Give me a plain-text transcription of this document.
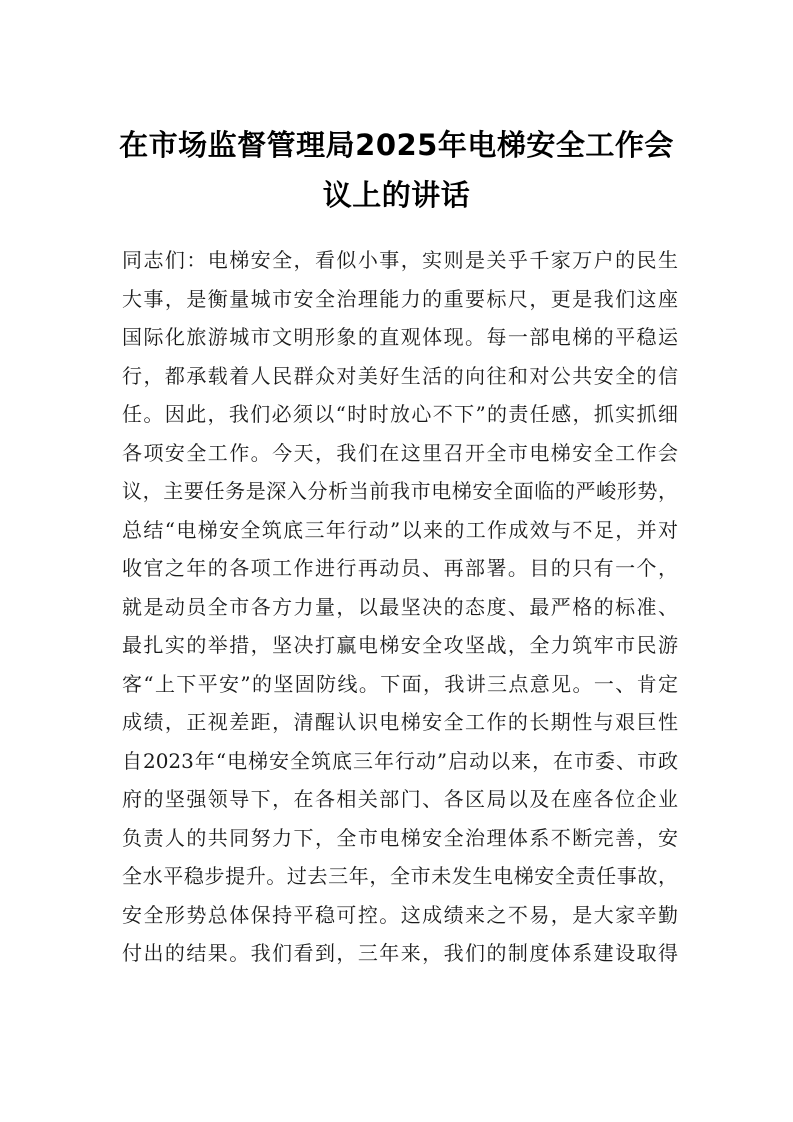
在市场监督管理局2025年电梯安全工作会
议上的讲话
同志们：电梯安全，看似小事，实则是关乎千家万户的民生
大事，是衡量城市安全治理能力的重要标尺，更是我们这座
国际化旅游城市文明形象的直观体现。每一部电梯的平稳运
行，都承载着人民群众对美好生活的向往和对公共安全的信
任。因此，我们必须以“时时放心不下”的责任感，抓实抓细
各项安全工作。今天，我们在这里召开全市电梯安全工作会
议，主要任务是深入分析当前我市电梯安全面临的严峻形势，
总结“电梯安全筑底三年行动”以来的工作成效与不足，并对
收官之年的各项工作进行再动员、再部署。目的只有一个，
就是动员全市各方力量，以最坚决的态度、最严格的标准、
最扎实的举措，坚决打赢电梯安全攻坚战，全力筑牢市民游
客“上下平安”的坚固防线。下面，我讲三点意见。一、肯定
成绩，正视差距，清醒认识电梯安全工作的长期性与艰巨性
自2023年“电梯安全筑底三年行动”启动以来，在市委、市政
府的坚强领导下，在各相关部门、各区局以及在座各位企业
负责人的共同努力下，全市电梯安全治理体系不断完善，安
全水平稳步提升。过去三年，全市未发生电梯安全责任事故，
安全形势总体保持平稳可控。这成绩来之不易，是大家辛勤
付出的结果。我们看到，三年来，我们的制度体系建设取得
